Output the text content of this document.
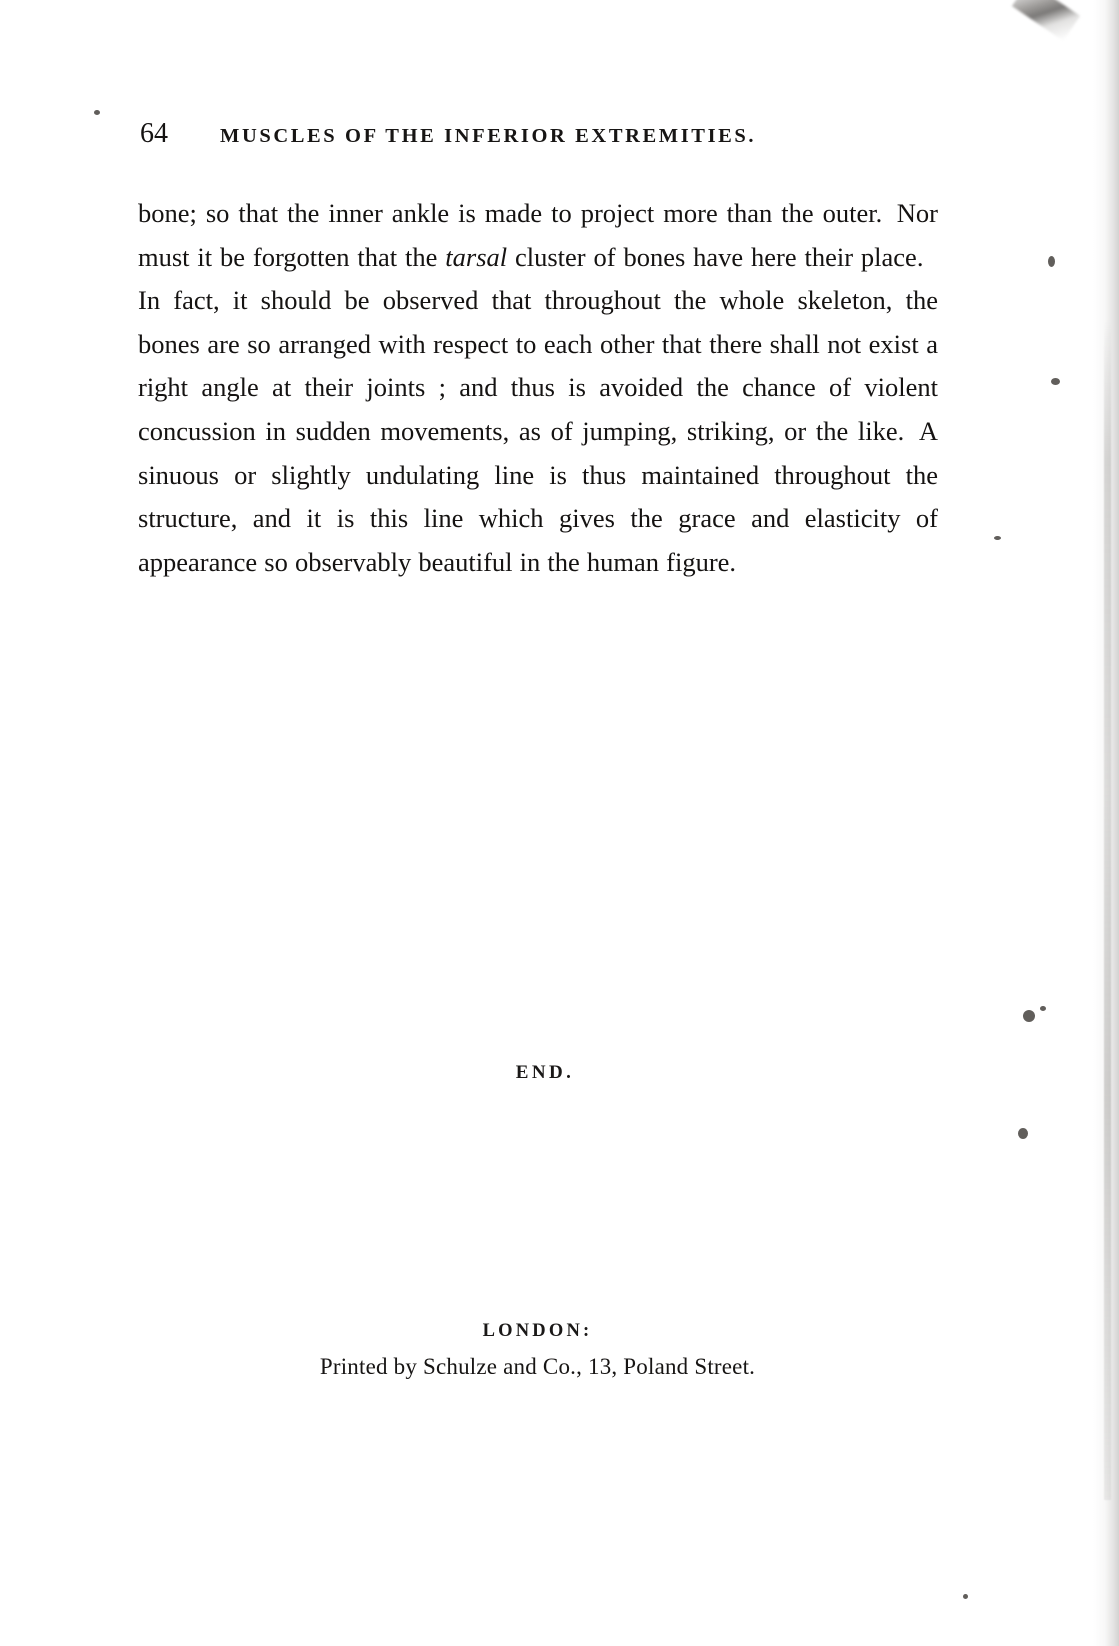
64	MUSCLES OF THE INFERIOR EXTREMITIES.

bone; so that the inner ankle is made to project more than the outer. Nor must it be forgotten that the tarsal cluster of bones have here their place.In fact, it should be observed that throughout the whole skeleton, the bones are so arranged with respect to each other that there shall not exist a right angle at their joints ; and thus is avoided the chance of violent concussion in sudden movements, as of jumping, striking, or the like. A sinuous or slightly undulating line is thus maintained throughout the structure, and it is this line which gives the grace and elasticity of appearance so observably beautiful in the human figure.

END.
LONDON:
Printed by Schulze and Co., 13, Poland Street.
